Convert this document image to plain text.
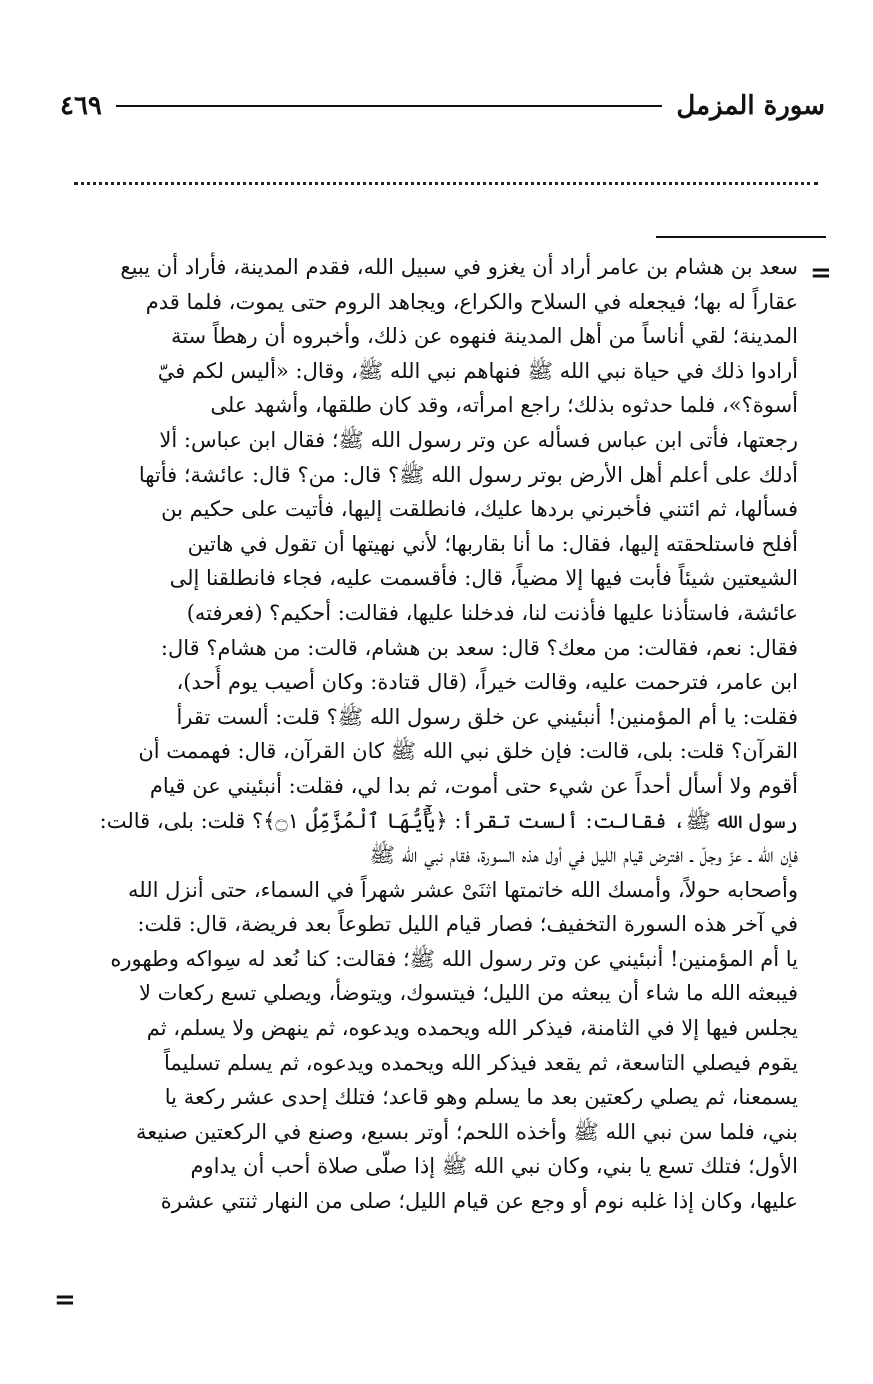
سورة المزمل
٤٦٩
=
سعد بن هشام بن عامر أراد أن يغزو في سبيل الله، فقدم المدينة، فأراد أن يبيع
عقاراً له بها؛ فيجعله في السلاح والكراع، ويجاهد الروم حتى يموت، فلما قدم
المدينة؛ لقي أناساً من أهل المدينة فنهوه عن ذلك، وأخبروه أن رهطاً ستة
أرادوا ذلك في حياة نبي الله ﷺ فنهاهم نبي الله ﷺ، وقال: «أليس لكم فيّ
أسوة؟»، فلما حدثوه بذلك؛ راجع امرأته، وقد كان طلقها، وأشهد على
رجعتها، فأتى ابن عباس فسأله عن وتر رسول الله ﷺ؛ فقال ابن عباس: ألا
أدلك على أعلم أهل الأرض بوتر رسول الله ﷺ؟ قال: من؟ قال: عائشة؛ فأتها
فسألها، ثم ائتني فأخبرني بردها عليك، فانطلقت إليها، فأتيت على حكيم بن
أفلح فاستلحقته إليها، فقال: ما أنا بقاربها؛ لأني نهيتها أن تقول في هاتين
الشيعتين شيئاً فأبت فيها إلا مضياً، قال: فأقسمت عليه، فجاء فانطلقنا إلى
عائشة، فاستأذنا عليها فأذنت لنا، فدخلنا عليها، فقالت: أحكيم؟ (فعرفته)
فقال: نعم، فقالت: من معك؟ قال: سعد بن هشام، قالت: من هشام؟ قال:
ابن عامر، فترحمت عليه، وقالت خيراً، (قال قتادة: وكان أصيب يوم أُحد)،
فقلت: يا أم المؤمنين! أنبئيني عن خلق رسول الله ﷺ؟ قلت: ألست تقرأ
القرآن؟ قلت: بلى، قالت: فإن خلق نبي الله ﷺ كان القرآن، قال: فهممت أن
أقوم ولا أسأل أحداً عن شيء حتى أموت، ثم بدا لي، فقلت: أنبئيني عن قيام
رسول الله ﷺ، فقالت: ألست تقرأ: ﴿يَٰٓأَيُّهَا ٱلْمُزَّمِّلُ ۝١﴾؟ قلت: بلى، قالت:
فإن الله ـ عزّ وجلّ ـ افترض قيام الليل في أول هذه السورة، فقام نبي الله ﷺ
وأصحابه حولاً، وأمسك الله خاتمتها اثنَىْ عشر شهراً في السماء، حتى أنزل الله
في آخر هذه السورة التخفيف؛ فصار قيام الليل تطوعاً بعد فريضة، قال: قلت:
يا أم المؤمنين! أنبئيني عن وتر رسول الله ﷺ؛ فقالت: كنا نُعد له سِواكه وطهوره
فيبعثه الله ما شاء أن يبعثه من الليل؛ فيتسوك، ويتوضأ، ويصلي تسع ركعات لا
يجلس فيها إلا في الثامنة، فيذكر الله ويحمده ويدعوه، ثم ينهض ولا يسلم، ثم
يقوم فيصلي التاسعة، ثم يقعد فيذكر الله ويحمده ويدعوه، ثم يسلم تسليماً
يسمعنا، ثم يصلي ركعتين بعد ما يسلم وهو قاعد؛ فتلك إحدى عشر ركعة يا
بني، فلما سن نبي الله ﷺ وأخذه اللحم؛ أوتر بسبع، وصنع في الركعتين صنيعة
الأول؛ فتلك تسع يا بني، وكان نبي الله ﷺ إذا صلّى صلاة أحب أن يداوم
عليها، وكان إذا غلبه نوم أو وجع عن قيام الليل؛ صلى من النهار ثنتي عشرة
=
